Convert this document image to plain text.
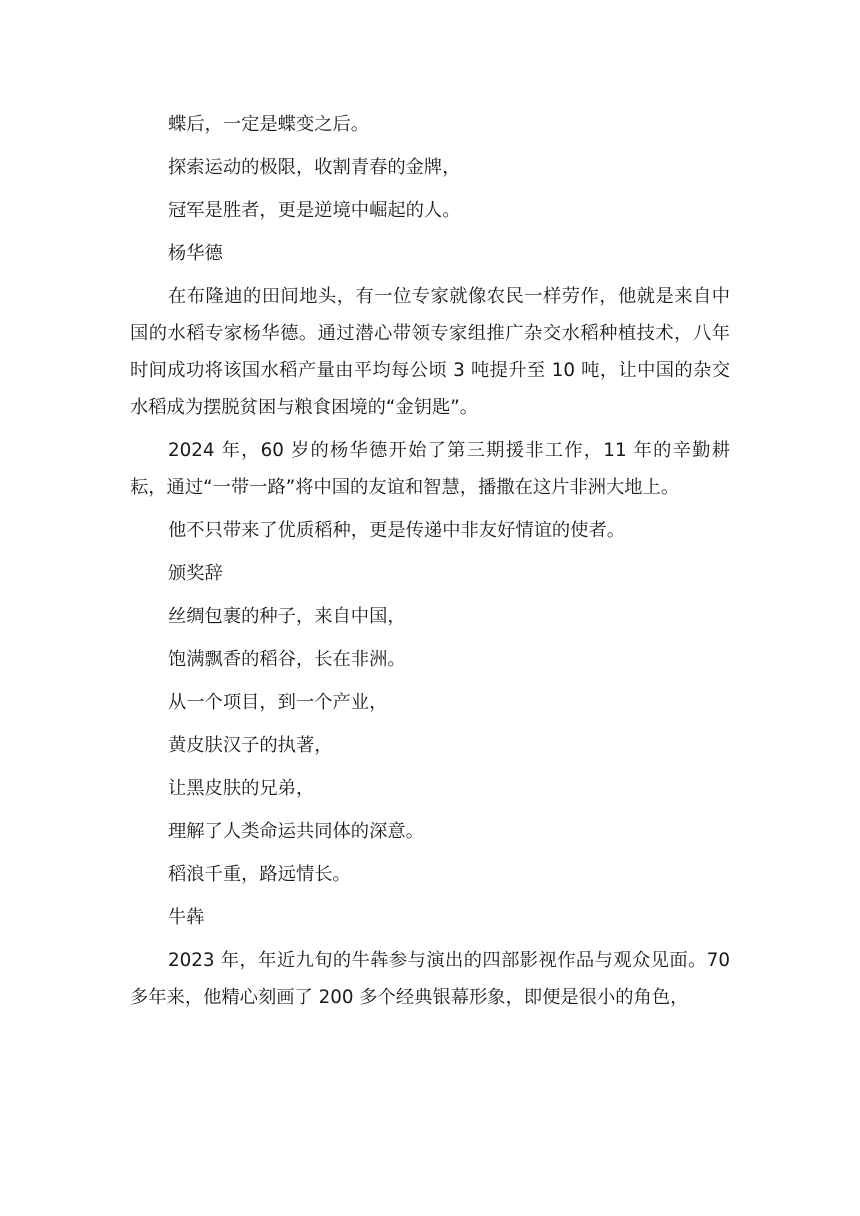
蝶后，一定是蝶变之后。

探索运动的极限，收割青春的金牌，

冠军是胜者，更是逆境中崛起的人。

杨华德

在布隆迪的田间地头，有一位专家就像农民一样劳作，他就是来自中国的水稻专家杨华德。通过潜心带领专家组推广杂交水稻种植技术，八年时间成功将该国水稻产量由平均每公顷 3 吨提升至 10 吨，让中国的杂交水稻成为摆脱贫困与粮食困境的“金钥匙”。

2024 年，60 岁的杨华德开始了第三期援非工作，11 年的辛勤耕耘，通过“一带一路”将中国的友谊和智慧，播撒在这片非洲大地上。

他不只带来了优质稻种，更是传递中非友好情谊的使者。

颁奖辞

丝绸包裹的种子，来自中国，

饱满飘香的稻谷，长在非洲。

从一个项目，到一个产业，

黄皮肤汉子的执著，

让黑皮肤的兄弟，

理解了人类命运共同体的深意。

稻浪千重，路远情长。

牛犇

2023 年，年近九旬的牛犇参与演出的四部影视作品与观众见面。70 多年来，他精心刻画了 200 多个经典银幕形象，即便是很小的角色，
